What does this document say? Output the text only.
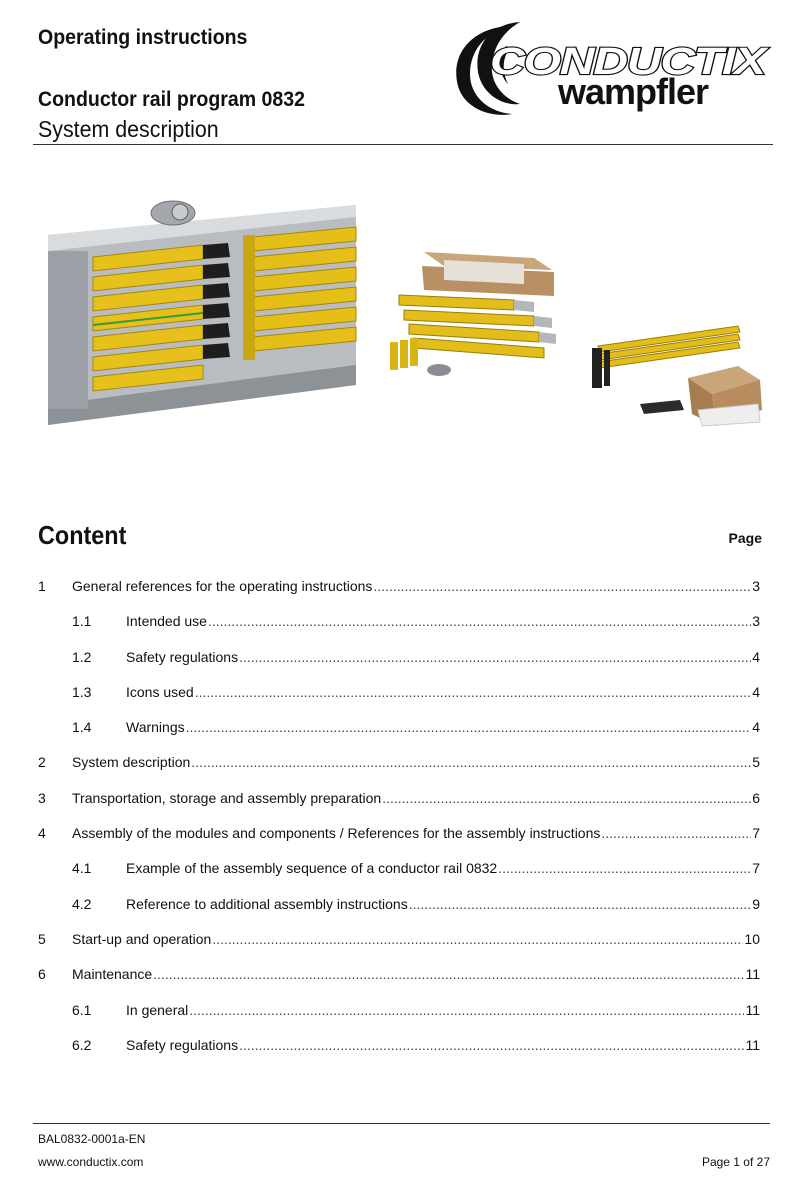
Operating instructions
Conductor rail program 0832
System description
CONDUCTIX
wampfler
Content	Page
1	General references for the operating instructions .....	3
1.1	Intended use .....	3
1.2	Safety regulations .....	4
1.3	Icons used .....	4
1.4	Warnings .....	4
2	System description .....	5
3	Transportation, storage and assembly preparation .....	6
4	Assembly of the modules and components / References for the assembly instructions .....	7
4.1	Example of the assembly sequence of a conductor rail 0832 .....	7
4.2	Reference to additional assembly instructions .....	9
5	Start-up and operation .....	10
6	Maintenance .....	11
6.1	In general .....	11
6.2	Safety regulations .....	11
BAL0832-0001a-EN
www.conductix.com	Page 1 of 27
